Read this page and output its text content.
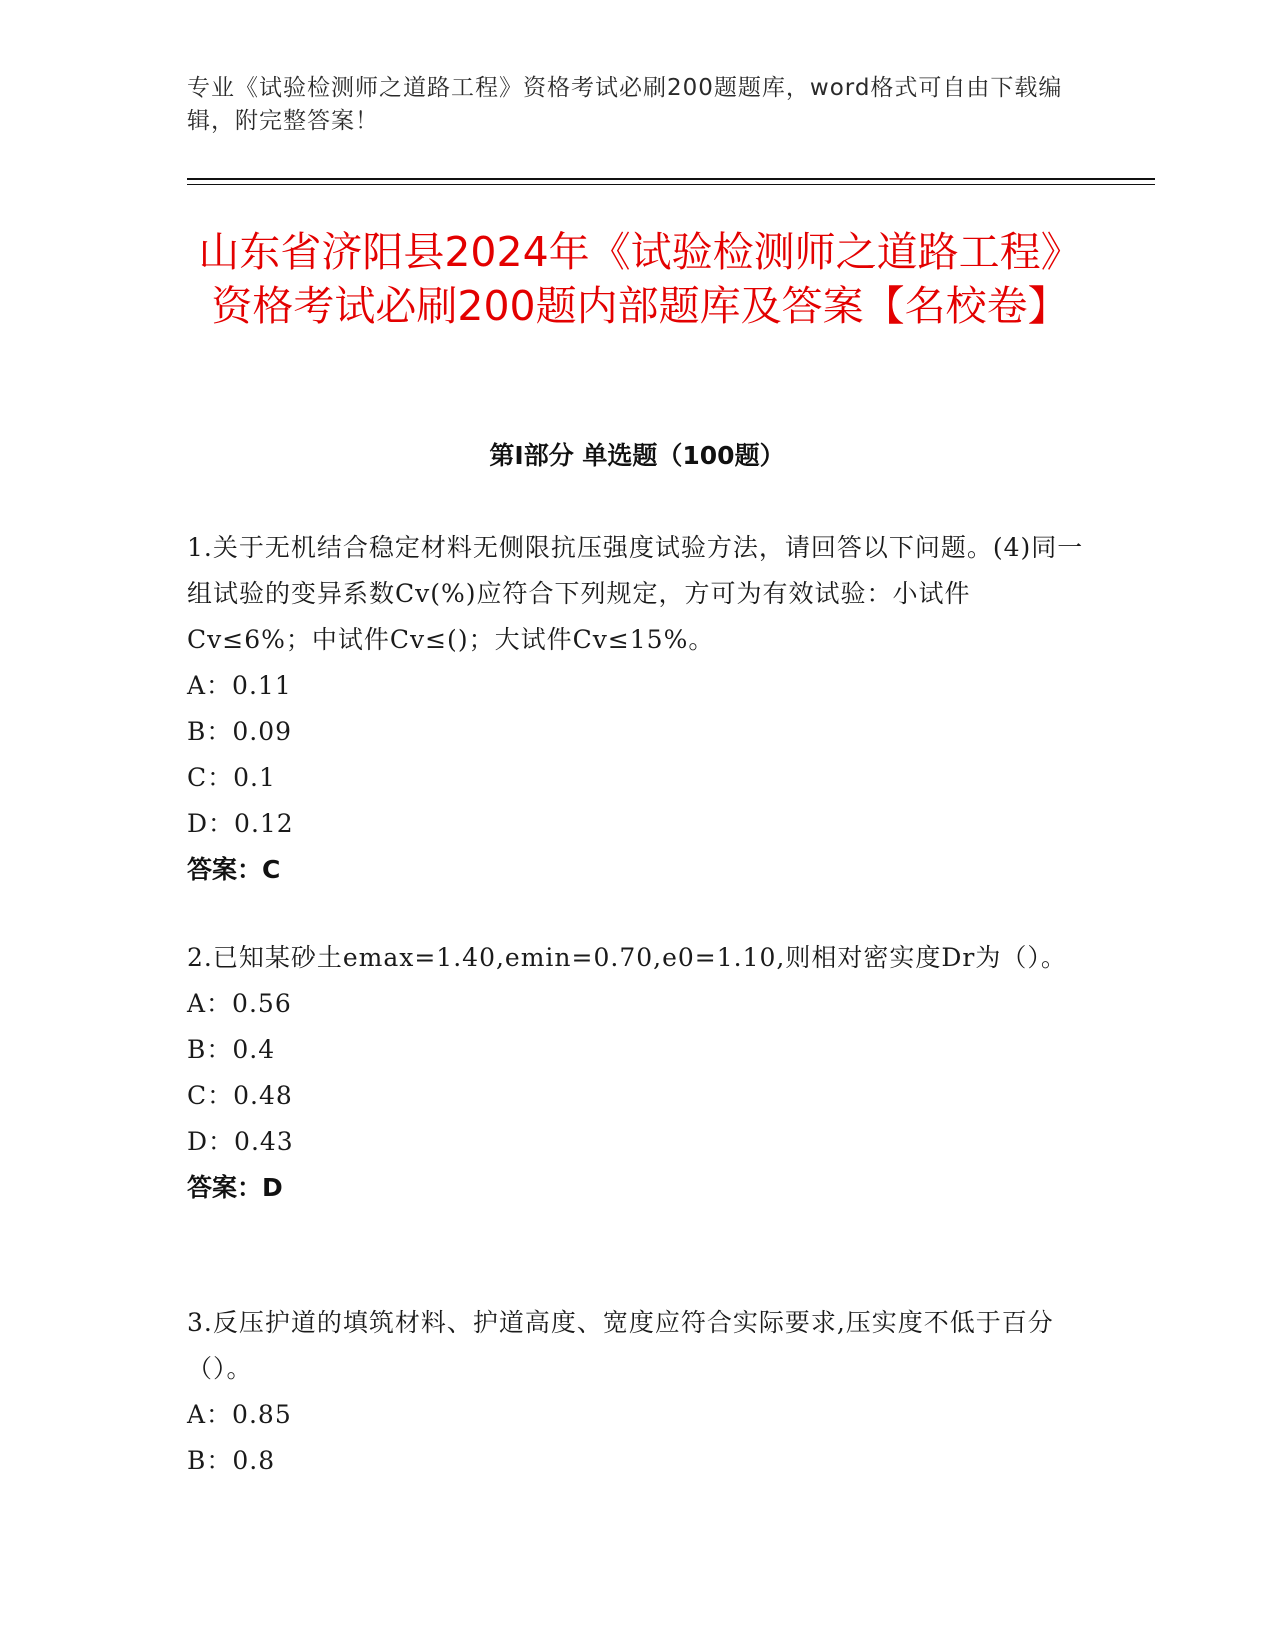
专业《试验检测师之道路工程》资格考试必刷200题题库，word格式可自由下载编辑，附完整答案！
山东省济阳县2024年《试验检测师之道路工程》资格考试必刷200题内部题库及答案【名校卷】
第I部分 单选题（100题）
1.关于无机结合稳定材料无侧限抗压强度试验方法，请回答以下问题。(4)同一组试验的变异系数Cv(%)应符合下列规定，方可为有效试验：小试件Cv≤6%；中试件Cv≤()；大试件Cv≤15%。
A：0.11
B：0.09
C：0.1
D：0.12
答案：C
2.已知某砂土emax=1.40,emin=0.70,e0=1.10,则相对密实度Dr为（）。
A：0.56
B：0.4
C：0.48
D：0.43
答案：D
3.反压护道的填筑材料、护道高度、宽度应符合实际要求,压实度不低于百分（）。
A：0.85
B：0.8
